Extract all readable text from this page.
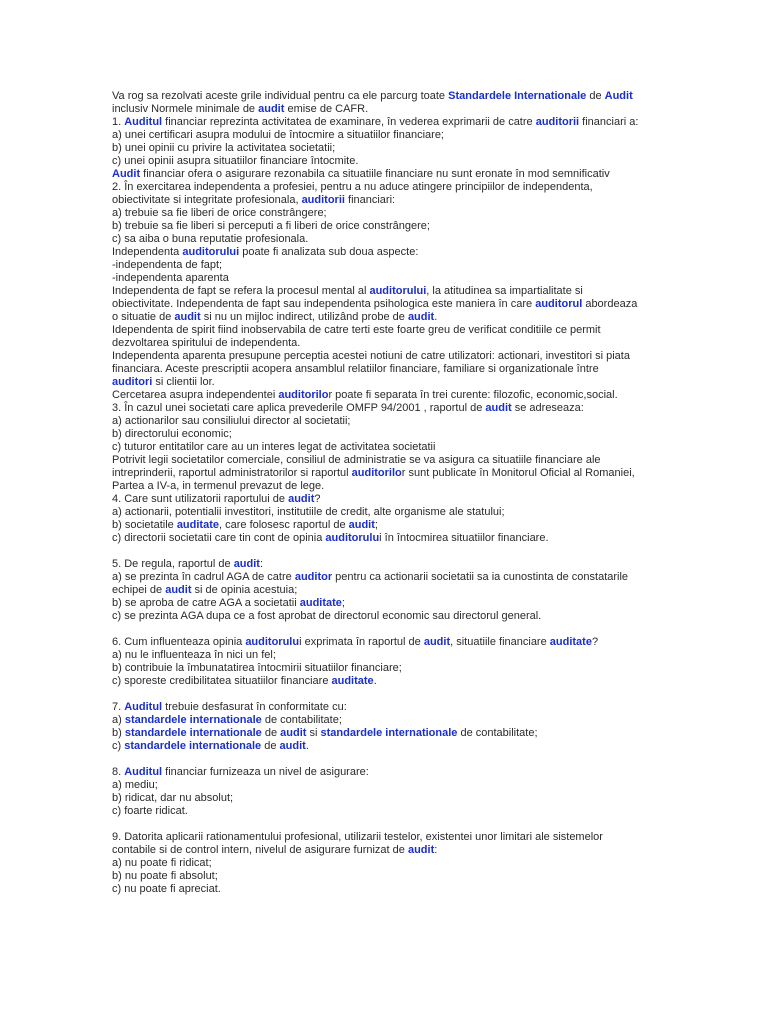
Va rog sa rezolvati aceste grile individual pentru ca ele parcurg toate Standardele Internationale de Audit
inclusiv Normele minimale de audit emise de CAFR.
1. Auditul financiar reprezinta activitatea de examinare, în vederea exprimarii de catre auditorii financiari a:
a) unei certificari asupra modului de întocmire a situatiilor financiare;
b) unei opinii cu privire la activitatea societatii;
c) unei opinii asupra situatiilor financiare întocmite.
Audit financiar ofera o asigurare rezonabila ca situatiile financiare nu sunt eronate în mod semnificativ
2. În exercitarea independenta a profesiei, pentru a nu aduce atingere principiilor de independenta,
obiectivitate si integritate profesionala, auditorii financiari:
a) trebuie sa fie liberi de orice constrângere;
b) trebuie sa fie liberi si perceputi a fi liberi de orice constrângere;
c) sa aiba o buna reputatie profesionala.
Independenta auditorului poate fi analizata sub doua aspecte:
-independenta de fapt;
-independenta aparenta
Independenta de fapt se refera la procesul mental al auditorului, la atitudinea sa impartialitate si
obiectivitate. Independenta de fapt sau independenta psihologica este maniera în care auditorul abordeaza
o situatie de audit si nu un mijloc indirect, utilizând probe de audit.
Idependenta de spirit fiind inobservabila de catre terti este foarte greu de verificat conditiile ce permit
dezvoltarea spiritului de independenta.
Independenta aparenta presupune perceptia acestei notiuni de catre utilizatori: actionari, investitori si piata
financiara. Aceste prescriptii acopera ansamblul relatiilor financiare, familiare si organizationale între
auditori si clientii lor.
Cercetarea asupra independentei auditorilor poate fi separata în trei curente: filozofic, economic,social.
3. În cazul unei societati care aplica prevederile OMFP 94/2001 , raportul de audit se adreseaza:
a) actionarilor sau consiliului director al societatii;
b) directorului economic;
c) tuturor entitatilor care au un interes legat de activitatea societatii
Potrivit legii societatilor comerciale, consiliul de administratie se va asigura ca situatiile financiare ale
intreprinderii, raportul administratorilor si raportul auditorilor sunt publicate în Monitorul Oficial al Romaniei,
Partea a IV-a, in termenul prevazut de lege.
4. Care sunt utilizatorii raportului de audit?
a) actionarii, potentialii investitori, institutiile de credit, alte organisme ale statului;
b) societatile auditate, care folosesc raportul de audit;
c) directorii societatii care tin cont de opinia auditorului în întocmirea situatiilor financiare.
5. De regula, raportul de audit:
a) se prezinta în cadrul AGA de catre auditor pentru ca actionarii societatii sa ia cunostinta de constatarile
echipei de audit si de opinia acestuia;
b) se aproba de catre AGA a societatii auditate;
c) se prezinta AGA dupa ce a fost aprobat de directorul economic sau directorul general.
6. Cum influenteaza opinia auditorului exprimata în raportul de audit, situatiile financiare auditate?
a) nu le influenteaza în nici un fel;
b) contribuie la îmbunatatirea întocmirii situatiilor financiare;
c) sporeste credibilitatea situatiilor financiare auditate.
7. Auditul trebuie desfasurat în conformitate cu:
a) standardele internationale de contabilitate;
b) standardele internationale de audit si standardele internationale de contabilitate;
c) standardele internationale de audit.
8. Auditul financiar furnizeaza un nivel de asigurare:
a) mediu;
b) ridicat, dar nu absolut;
c) foarte ridicat.
9. Datorita aplicarii rationamentului profesional, utilizarii testelor, existentei unor limitari ale sistemelor
contabile si de control intern, nivelul de asigurare furnizat de audit:
a) nu poate fi ridicat;
b) nu poate fi absolut;
c) nu poate fi apreciat.
